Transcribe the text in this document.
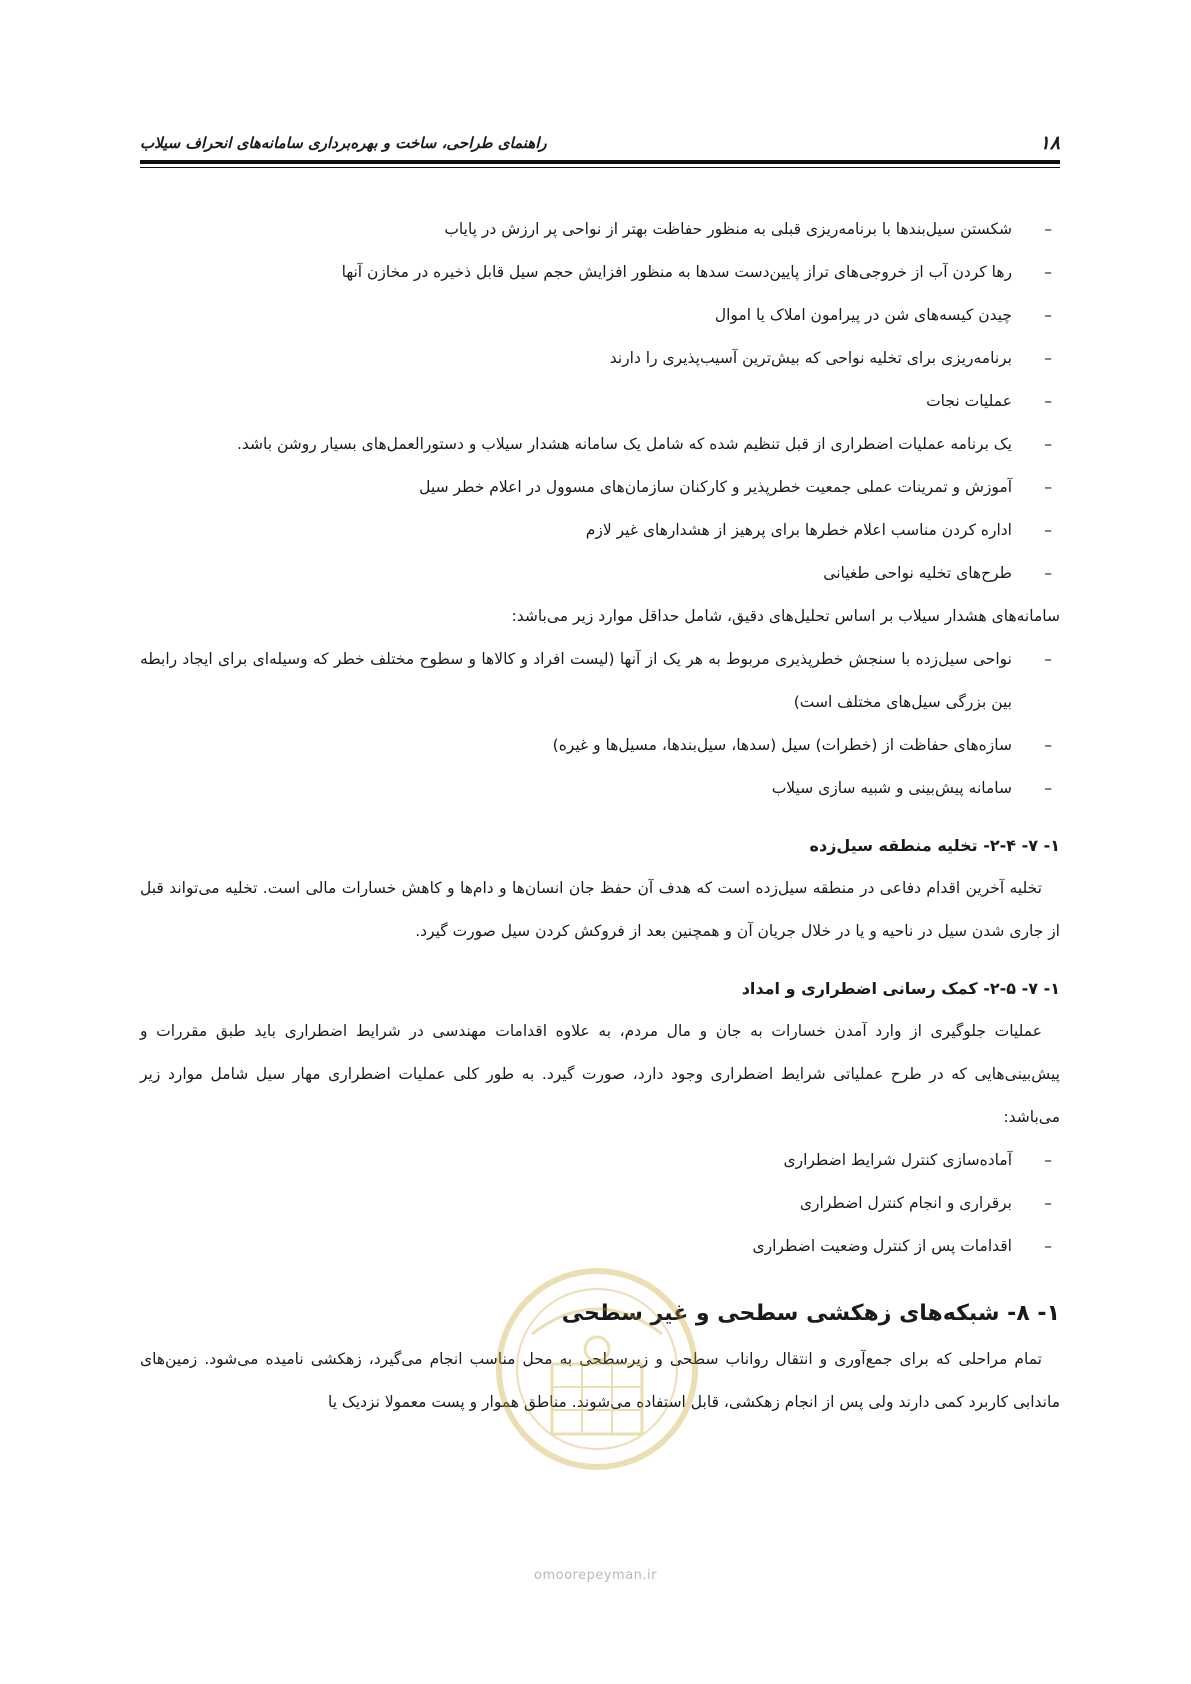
۱۸
راهنمای طراحی، ساخت و بهره‌برداری سامانه‌های انحراف سیلاب
– شکستن سیل‌بندها با برنامه‌ریزی قبلی به منظور حفاظت بهتر از نواحی پر ارزش در پایاب
– رها کردن آب از خروجی‌های تراز پایین‌دست سدها به منظور افزایش حجم سیل قابل ذخیره در مخازن آنها
– چیدن کیسه‌های شن در پیرامون املاک یا اموال
– برنامه‌ریزی برای تخلیه نواحی که بیش‌ترین آسیب‌پذیری را دارند
– عملیات نجات
– یک برنامه عملیات اضطراری از قبل تنظیم شده که شامل یک سامانه هشدار سیلاب و دستورالعمل‌های بسیار روشن باشد.
– آموزش و تمرینات عملی جمعیت خطرپذیر و کارکنان سازمان‌های مسوول در اعلام خطر سیل
– اداره کردن مناسب اعلام خطرها برای پرهیز از هشدارهای غیر لازم
– طرح‌های تخلیه نواحی طغیانی

سامانه‌های هشدار سیلاب بر اساس تحلیل‌های دقیق، شامل حداقل موارد زیر می‌باشد:

– نواحی سیل‌زده با سنجش خطرپذیری مربوط به هر یک از آنها (لیست افراد و کالاها و سطوح مختلف خطر که وسیله‌ای برای ایجاد رابطه بین بزرگی سیل‌های مختلف است)
– سازه‌های حفاظت از (خطرات) سیل (سدها، سیل‌بندها، مسیل‌ها و غیره)
– سامانه پیش‌بینی و شبیه سازی سیلاب

۱- ۷- ۲-۴- تخلیه منطقه سیل‌زده

تخلیه آخرین اقدام دفاعی در منطقه سیل‌زده است که هدف آن حفظ جان انسان‌ها و دام‌ها و کاهش خسارات مالی است. تخلیه می‌تواند قبل از جاری شدن سیل در ناحیه و یا در خلال جریان آن و همچنین بعد از فروکش کردن سیل صورت گیرد.

۱- ۷- ۲-۵- کمک رسانی اضطراری و امداد

عملیات جلوگیری از وارد آمدن خسارات به جان و مال مردم، به علاوه اقدامات مهندسی در شرایط اضطراری باید طبق مقررات و پیش‌بینی‌هایی که در طرح عملیاتی شرایط اضطراری وجود دارد، صورت گیرد. به طور کلی عملیات اضطراری مهار سیل شامل موارد زیر می‌باشد:

– آماده‌سازی کنترل شرایط اضطراری
– برقراری و انجام کنترل اضطراری
– اقدامات پس از کنترل وضعیت اضطراری

۱- ۸- شبکه‌های زهکشی سطحی و غیر سطحی

تمام مراحلی که برای جمع‌آوری و انتقال رواناب سطحی و زیرسطحی به محل مناسب انجام می‌گیرد، زهکشی نامیده می‌شود. زمین‌های ماندابی کاربرد کمی دارند ولی پس از انجام زهکشی، قابل استفاده می‌شوند. مناطق هموار و پست معمولا نزدیک یا

omoorepeyman.ir
